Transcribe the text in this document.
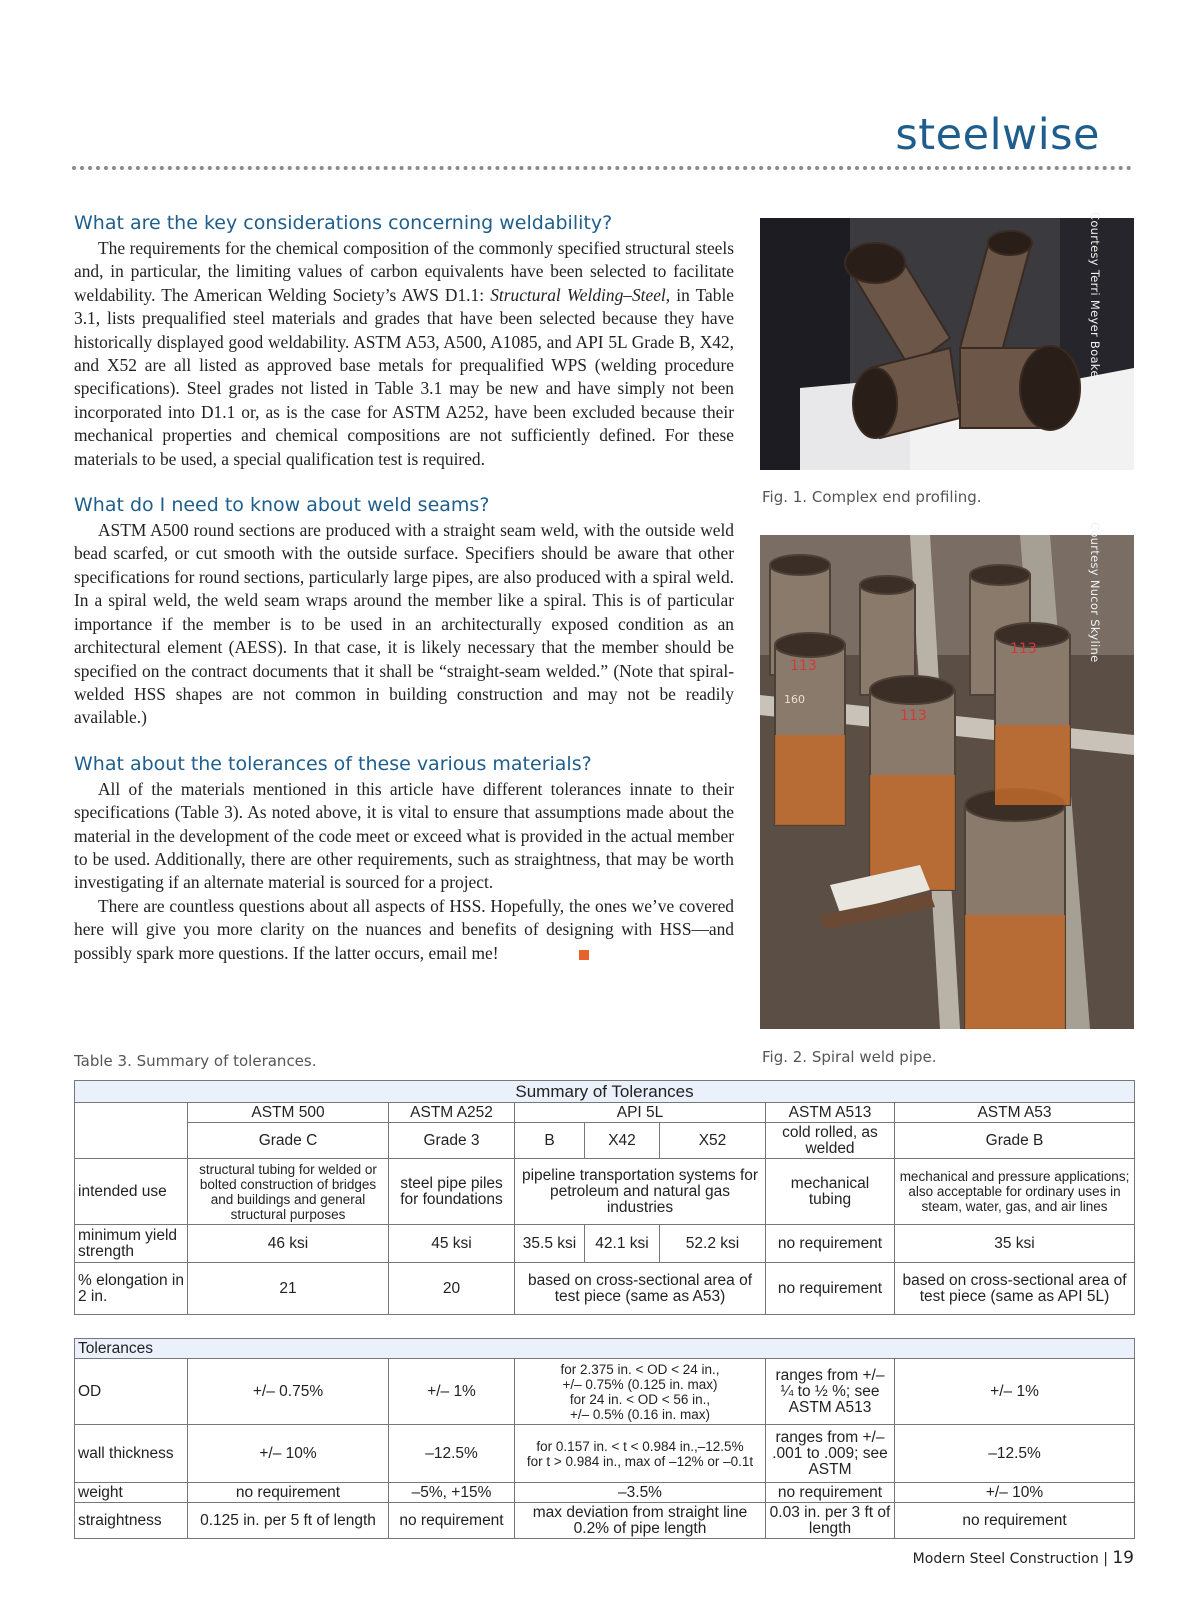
steelwise
What are the key considerations concerning weldability?

The requirements for the chemical composition of the commonly specified structural steels and, in particular, the limiting values of carbon equivalents have been selected to facilitate weldability. The American Welding Society’s AWS D1.1: Structural Welding–Steel, in Table 3.1, lists prequalified steel materials and grades that have been selected because they have historically displayed good weldability. ASTM A53, A500, A1085, and API 5L Grade B, X42, and X52 are all listed as approved base metals for prequalified WPS (welding procedure specifications). Steel grades not listed in Table 3.1 may be new and have simply not been incorporated into D1.1 or, as is the case for ASTM A252, have been excluded because their mechanical properties and chemical compositions are not sufficiently defined. For these materials to be used, a special qualification test is required.

What do I need to know about weld seams?

ASTM A500 round sections are produced with a straight seam weld, with the outside weld bead scarfed, or cut smooth with the outside surface. Specifiers should be aware that other specifications for round sections, particularly large pipes, are also produced with a spiral weld. In a spiral weld, the weld seam wraps around the member like a spiral. This is of particular importance if the member is to be used in an architecturally exposed condition as an architectural element (AESS). In that case, it is likely necessary that the member should be specified on the contract documents that it shall be “straight-seam welded.” (Note that spiral-welded HSS shapes are not common in building construction and may not be readily available.)

What about the tolerances of these various materials?

All of the materials mentioned in this article have different tolerances innate to their specifications (Table 3). As noted above, it is vital to ensure that assumptions made about the material in the development of the code meet or exceed what is provided in the actual member to be used. Additionally, there are other requirements, such as straightness, that may be worth investigating if an alternate material is sourced for a project.

There are countless questions about all aspects of HSS. Hopefully, the ones we’ve covered here will give you more clarity on the nuances and benefits of designing with HSS—and possibly spark more questions. If the latter occurs, email me!

Courtesy Terri Meyer Boake
Fig. 1. Complex end profiling.
113
113
113
160
Courtesy Nucor Skyline
Fig. 2. Spiral weld pipe.
Table 3. Summary of tolerances.
Summary of Tolerances							
	ASTM 500	ASTM A252	API 5L			ASTM A513	ASTM A53
	Grade C	Grade 3	B	X42	X52	cold rolled, as welded	Grade B
intended use	structural tubing for welded or bolted construction of bridges and buildings and general structural purposes	steel pipe piles for foundations	pipeline transportation systems for petroleum and natural gas industries			mechanical tubing	mechanical and pressure applications; also acceptable for ordinary uses in steam, water, gas, and air lines
minimum yield strength	46 ksi	45 ksi	35.5 ksi	42.1 ksi	52.2 ksi	no requirement	35 ksi
% elongation in 2 in.	21	20	based on cross-sectional area of test piece (same as A53)			no requirement	based on cross-sectional area of test piece (same as API 5L)
Tolerances					
OD	+/– 0.75%	+/– 1%	for 2.375 in. < OD < 24 in.,
+/– 0.75% (0.125 in. max)
for 24 in. < OD < 56 in.,
+/– 0.5% (0.16 in. max)	ranges from +/– ¼ to ½ %; see ASTM A513	+/– 1%
wall thickness	+/– 10%	–12.5%	for 0.157 in. < t < 0.984 in.,–12.5%
for t > 0.984 in., max of –12% or –0.1t	ranges from +/– .001 to .009; see ASTM	–12.5%
weight	no requirement	–5%, +15%	–3.5%	no requirement	+/– 10%
straightness	0.125 in. per 5 ft of length	no requirement	max deviation from straight line 0.2% of pipe length	0.03 in. per 3 ft of length	no requirement
Modern Steel Construction | 19
